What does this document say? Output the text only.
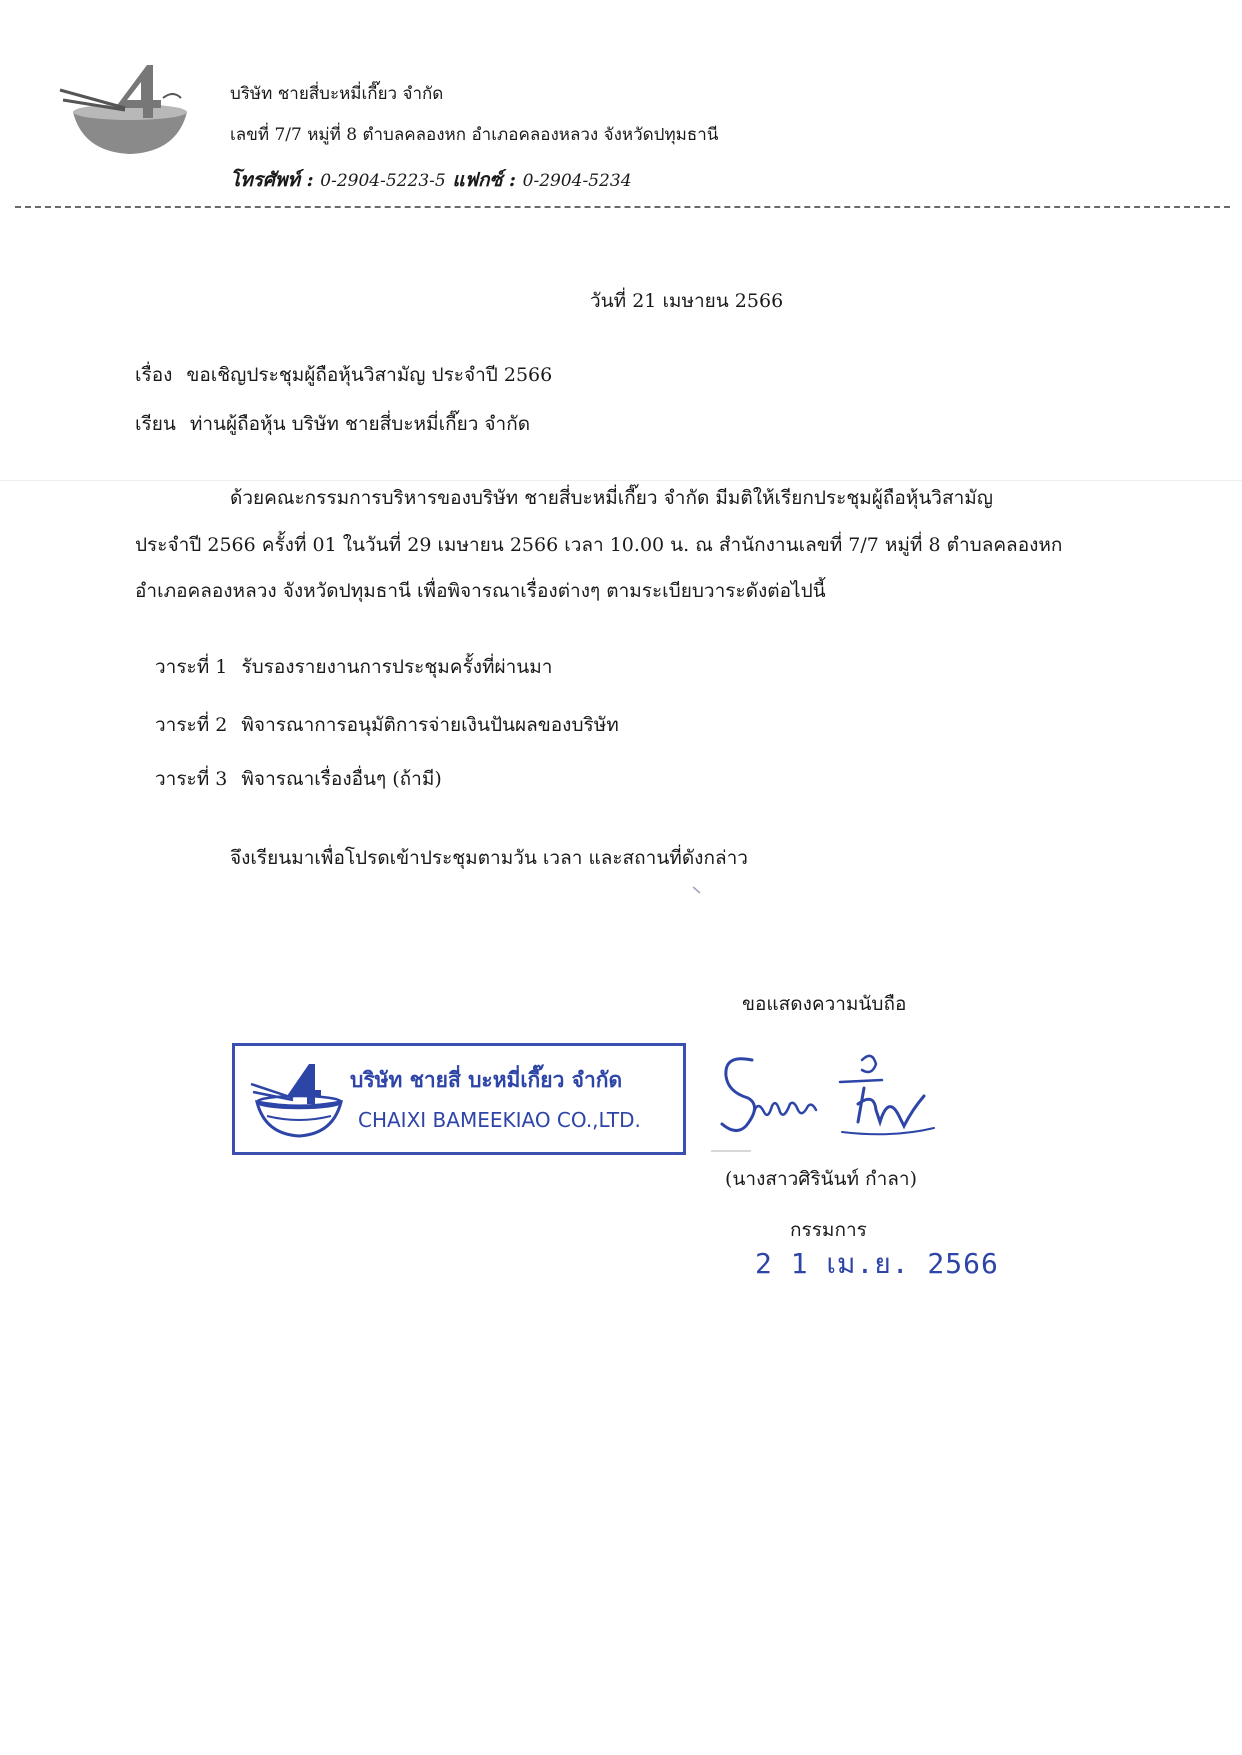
บริษัท ชายสี่บะหมี่เกี๊ยว จำกัด
เลขที่ 7/7 หมู่ที่ 8 ตำบลคลองหก อำเภอคลองหลวง จังหวัดปทุมธานี
โทรศัพท์ : 0-2904-5223-5 แฟกซ์ : 0-2904-5234
วันที่ 21 เมษายน 2566
เรื่อง ขอเชิญประชุมผู้ถือหุ้นวิสามัญ ประจำปี 2566
เรียน ท่านผู้ถือหุ้น บริษัท ชายสี่บะหมี่เกี๊ยว จำกัด
ด้วยคณะกรรมการบริหารของบริษัท ชายสี่บะหมี่เกี๊ยว จำกัด มีมติให้เรียกประชุมผู้ถือหุ้นวิสามัญ
ประจำปี 2566 ครั้งที่ 01 ในวันที่ 29 เมษายน 2566 เวลา 10.00 น. ณ สำนักงานเลขที่ 7/7 หมู่ที่ 8 ตำบลคลองหก
อำเภอคลองหลวง จังหวัดปทุมธานี เพื่อพิจารณาเรื่องต่างๆ ตามระเบียบวาระดังต่อไปนี้
วาระที่ 1 รับรองรายงานการประชุมครั้งที่ผ่านมา
วาระที่ 2 พิจารณาการอนุมัติการจ่ายเงินปันผลของบริษัท
วาระที่ 3 พิจารณาเรื่องอื่นๆ (ถ้ามี)
จึงเรียนมาเพื่อโปรดเข้าประชุมตามวัน เวลา และสถานที่ดังกล่าว
ขอแสดงความนับถือ
บริษัท ชายสี่ บะหมี่เกี๊ยว จำกัด
CHAIXI BAMEEKIAO CO.,LTD.
(นางสาวศิรินันท์ กำลา)
กรรมการ
2 1 เม.ย. 2566
